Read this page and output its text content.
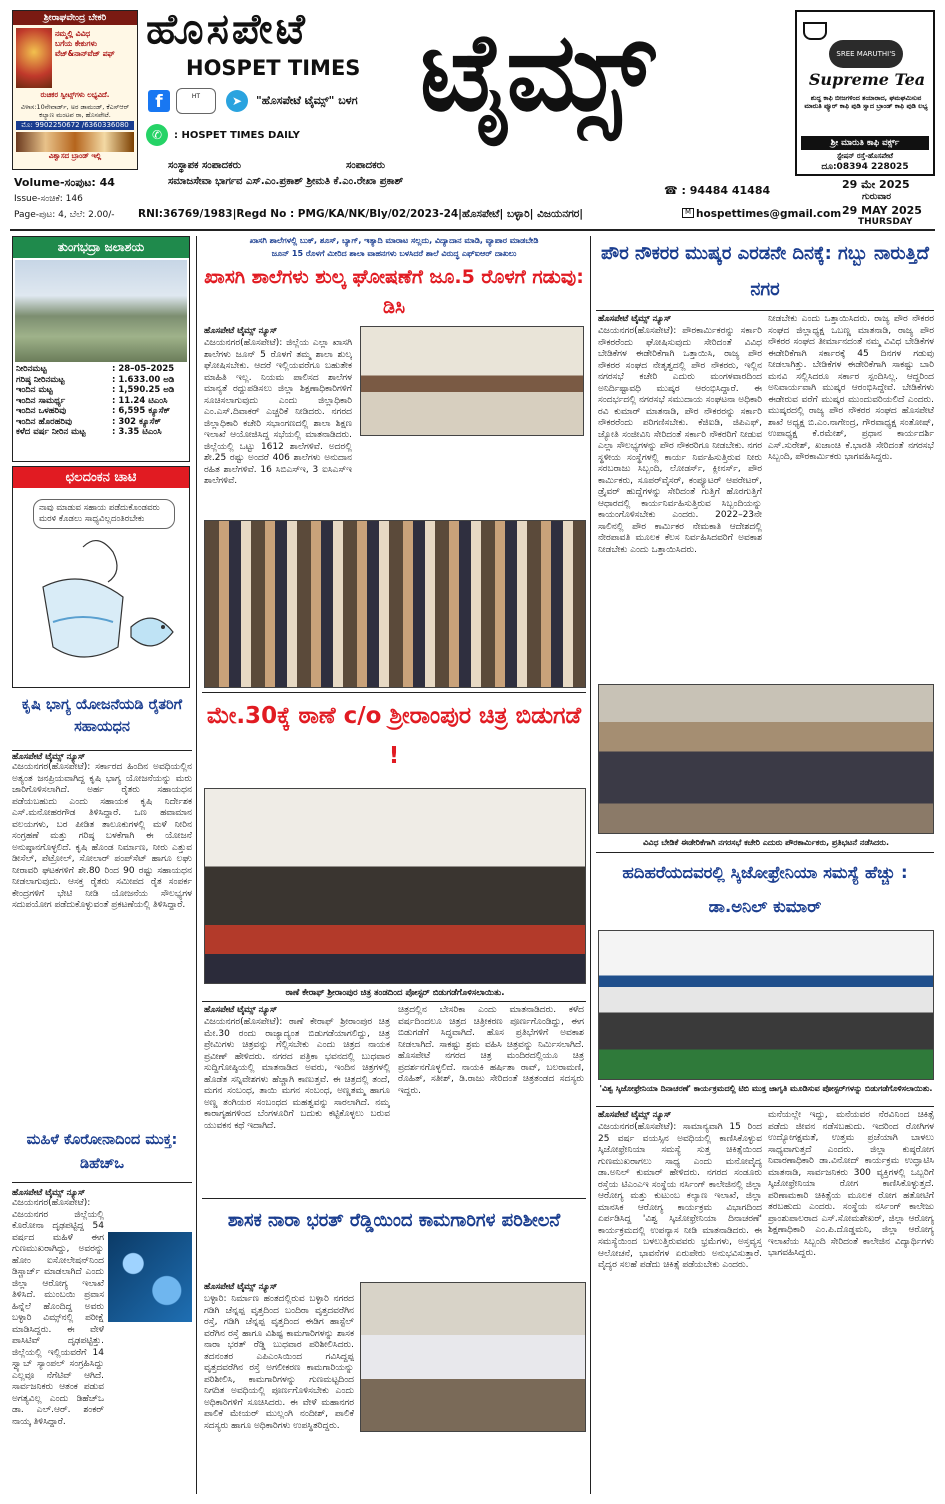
ಶ್ರೀರಾಘವೇಂದ್ರ ಬೇಕರಿ
ನಮ್ಮಲ್ಲಿ ವಿವಿಧ
ಬಗೆಯ ಕೇಕುಗಳು
ವೆಜ್&ನಾನ್‌ವೆಜ್ ಪಫ್
ರುಚಿಕರ ಸ್ವೀಟ್ಸ್‌ಗಳು ಲಭ್ಯವಿದೆ.
ವಿಳಾಸ:10ನೇವಾರ್ಡ್, ಅರ ಡಾಮಂಡ್, ಕೆಎಸ್ಆರ್ ಕಲ್ಯಾಣ ಮಂಟಪ ರಾ, ಹೊಸಪೇಟೆ.
ಮೊ: 9902250672 /6360336080
ವಿಶ್ವಾಸದ ಬ್ರಾಂಡ್ ಇಲ್ಲಿ
ಹೊಸಪೇಟೆ
HOSPET TIMES ಟೈಮ್ಸ್
f	HT	➤	"ಹೊಸಪೇಟೆ ಟೈಮ್ಸ್" ಬಳಗ
✆	: HOSPET TIMES DAILY
ಸಂಸ್ಥಾಪಕ ಸಂಪಾದಕರು	ಸಂಪಾದಕರು
ಸಮಾಜಸೇವಾ ಭಾರ್ಗವ ಎಸ್.ಎಂ.ಪ್ರಕಾಶ್ ಶ್ರೀಮತಿ ಕೆ.ಎಂ.ರೇಖಾ ಪ್ರಕಾಶ್
☎ : 94484 41484
SREE MARUTHI'S
Supreme Tea
ಶುದ್ಧ ಕಾಫಿ ಬೀಜಗಳಿಂದ ತಯಾರಾದ, ಘಮಘಮಿಸುವ ಮಾರುತಿ ಪ್ಯೂರ್ ಕಾಫಿ ಪುಡಿ ಸ್ವಾದ ಬ್ರಾಂಡ್ ಕಾಫಿ ಪುಡಿ ಲಭ್ಯ
ಶ್ರೀ ಮಾರುತಿ ಕಾಫಿ ವರ್ಕ್ಸ್
ಸ್ಟೇಷನ್ ರಸ್ತೆ-ಹೊಸಪೇಟೆ
ದೂ:08394 228025
Volume-ಸಂಪುಟ: 44
Issue-ಸಂಚಿಕೆ: 146
Page-ಪುಟ: 4, ಬೆಲೆ: 2.00/- RNI:36769/1983|Regd No : PMG/KA/NK/Bly/02/2023-24|ಹೊಸಪೇಟೆ| ಬಳ್ಳಾರಿ| ವಿಜಯನಗರ|	M hospettimes@gmail.com
29 ಮೇ 2025
ಗುರುವಾರ
29 MAY 2025
THURSDAY
ತುಂಗಭದ್ರಾ ಜಲಾಶಯ
ನೀರಿನಮಟ್ಟ	: 28–05–2025
ಗರಿಷ್ಠ ನೀರಿನಮಟ್ಟ	: 1.633.00 ಅಡಿ
ಇಂದಿನ ಮಟ್ಟ	: 1,590.25 ಅಡಿ
ಇಂದಿನ ಸಾಮರ್ಥ್ಯ	: 11.24 ಟಿಎಂಸಿ
ಇಂದಿನ ಒಳಹರಿವು	: 6,595 ಕ್ಯೂಸೆಕ್
ಇಂದಿನ ಹೊರಹರಿವು	: 302 ಕ್ಯೂಸೆಕ್
ಕಳೆದ ವರ್ಷ ನೀರಿನ ಮಟ್ಟ	: 3.35 ಟಿಎಂಸಿ
ಛಲದಂಕನ ಚಾಟಿ
ನಾವು ಮಾಡುವ ಸಹಾಯ ಪಡೆದುಕೊಂಡವರು ಮರಳಿ ಕೊಡಲು ಸಾಧ್ಯವಿಲ್ಲದಂತಿರಬೇಕು
ಕೃಷಿ ಭಾಗ್ಯ ಯೋಜನೆಯಡಿ ರೈತರಿಗೆ ಸಹಾಯಧನ
ಹೊಸಪೇಟೆ ಟೈಮ್ಸ್ ನ್ಯೂಸ್
ವಿಜಯನಗರ(ಹೊಸಪೇಟೆ): ಸರ್ಕಾರದ ಹಿಂದಿನ ಅವಧಿಯಲ್ಲಿನ ಅತ್ಯಂತ ಜನಪ್ರಿಯವಾಗಿದ್ದ ಕೃಷಿ ಭಾಗ್ಯ ಯೋಜನೆಯನ್ನು ಮರು ಜಾರಿಗೊಳಿಸಲಾಗಿದೆ. ಅರ್ಹ ರೈತರು ಸಹಾಯಧನ ಪಡೆಯಬಹುದು ಎಂದು ಸಹಾಯಕ ಕೃಷಿ ನಿರ್ದೇಶಕ ಎಸ್.ಮನೋಹರಗೌಡ ತಿಳಿಸಿದ್ದಾರೆ. ಒಣ ಹವಾಮಾನ ವಲಯಗಳು, ಬರ ಪೀಡಿತ ತಾಲೂಕುಗಳಲ್ಲಿ ಮಳೆ ನೀರಿನ ಸಂಗ್ರಹಣೆ ಮತ್ತು ಗರಿಷ್ಠ ಬಳಕೆಗಾಗಿ ಈ ಯೋಜನೆ ಅನುಷ್ಠಾನಗೊಳ್ಳಲಿದೆ. ಕೃಷಿ ಹೊಂಡ ನಿರ್ಮಾಣ, ನೀರು ಎತ್ತುವ ಡೀಸೆಲ್, ಪೆಟ್ರೋಲ್, ಸೋಲಾರ್ ಪಂಪ್‌ಸೆಟ್ ಹಾಗೂ ಲಘು ನೀರಾವರಿ ಘಟಕಗಳಿಗೆ ಶೇ.80 ರಿಂದ 90 ರಷ್ಟು ಸಹಾಯಧನ ನೀಡಲಾಗುವುದು. ಆಸಕ್ತ ರೈತರು ಸಮೀಪದ ರೈತ ಸಂಪರ್ಕ ಕೇಂದ್ರಗಳಿಗೆ ಭೇಟಿ ನೀಡಿ ಯೋಜನೆಯ ಸೌಲಭ್ಯಗಳ ಸದುಪಯೋಗ ಪಡೆದುಕೊಳ್ಳುವಂತೆ ಪ್ರಕಟಣೆಯಲ್ಲಿ ತಿಳಿಸಿದ್ದಾರೆ.
ಮಹಿಳೆ ಕೊರೋನಾದಿಂದ ಮುಕ್ತ: ಡಿಹೆಚ್‌ಒ
ಹೊಸಪೇಟೆ ಟೈಮ್ಸ್ ನ್ಯೂಸ್
ವಿಜಯನಗರ(ಹೊಸಪೇಟೆ): ವಿಜಯನಗರ ಜಿಲ್ಲೆಯಲ್ಲಿ ಕೊರೋನಾ ದೃಢಪಟ್ಟಿದ್ದ 54 ವರ್ಷದ ಮಹಿಳೆ ಈಗ ಗುಣಮುಖರಾಗಿದ್ದು, ಅವರನ್ನು ಹೋಂ ಐಸೋಲೇಷನ್‌ನಿಂದ ಡಿಸ್ಚಾರ್ಜ್ ಮಾಡಲಾಗಿದೆ ಎಂದು ಜಿಲ್ಲಾ ಆರೋಗ್ಯ ಇಲಾಖೆ ತಿಳಿಸಿದೆ. ಮುಂಬಯಿ ಪ್ರವಾಸ ಹಿನ್ನೆಲೆ ಹೊಂದಿದ್ದ ಅವರು ಬಳ್ಳಾರಿ ವಿಮ್ಸ್‌ನಲ್ಲಿ ಪರೀಕ್ಷೆ ಮಾಡಿಸಿದ್ದರು. ಈ ವೇಳೆ ಪಾಸಿಟಿವ್ ದೃಢಪಟ್ಟಿತ್ತು. ಜಿಲ್ಲೆಯಲ್ಲಿ ಇಲ್ಲಿಯವರೆಗೆ 14 ಸ್ವ್ಯಾಬ್ ಸ್ಯಾಂಪಲ್ ಸಂಗ್ರಹಿಸಿದ್ದು ಎಲ್ಲವೂ ನೆಗೆಟಿವ್ ಆಗಿದೆ. ಸಾರ್ವಜನಿಕರು ಆತಂಕ ಪಡುವ ಅಗತ್ಯವಿಲ್ಲ ಎಂದು ಡಿಹೆಚ್‌ಒ ಡಾ. ಎಲ್.ಆರ್. ಶಂಕರ್ ನಾಯ್ಕ ತಿಳಿಸಿದ್ದಾರೆ.
ಖಾಸಗಿ ಶಾಲೆಗಳಲ್ಲಿ ಬುಕ್, ಶೂಸ್, ಬ್ಯಾಗ್, ಇತ್ಯಾದಿ ಮಾರಾಟ ಸಲ್ಲದು, ವಿದ್ಯಾದಾನ ಮಾಡಿ, ವ್ಯಾಪಾರ ಮಾಡಬೇಡಿ
ಜೂನ್ 15 ರೊಳಗೆ ಮೀರಿದ ಶಾಲಾ ವಾಹನಗಳು ಬಳಸಿದರೆ ಶಾಲೆ ವಿರುದ್ಧ ಎಫ್‌ಐಆರ್ ದಾಖಲು
ಖಾಸಗಿ ಶಾಲೆಗಳು ಶುಲ್ಕ ಘೋಷಣೆಗೆ ಜೂ.5 ರೊಳಗೆ ಗಡುವು: ಡಿಸಿ
ಹೊಸಪೇಟೆ ಟೈಮ್ಸ್ ನ್ಯೂಸ್
ವಿಜಯನಗರ(ಹೊಸಪೇಟೆ): ಜಿಲ್ಲೆಯ ಎಲ್ಲಾ ಖಾಸಗಿ ಶಾಲೆಗಳು ಜೂನ್ 5 ರೊಳಗೆ ತಮ್ಮ ಶಾಲಾ ಶುಲ್ಕ ಘೋಷಿಸಬೇಕು. ಆದರೆ ಇಲ್ಲಿಯವರೆಗೂ ಬಹುತೇಕ ಮಾಹಿತಿ ಇಲ್ಲ. ನಿಯಮ ಪಾಲಿಸದ ಶಾಲೆಗಳ ಮಾನ್ಯತೆ ರದ್ದುಪಡಿಸಲು ಜಿಲ್ಲಾ ಶಿಕ್ಷಣಾಧಿಕಾರಿಗಳಿಗೆ ಸೂಚಿಸಲಾಗುವುದು ಎಂದು ಜಿಲ್ಲಾಧಿಕಾರಿ ಎಂ.ಎಸ್.ದಿವಾಕರ್ ಎಚ್ಚರಿಕೆ ನೀಡಿದರು. ನಗರದ ಜಿಲ್ಲಾಧಿಕಾರಿ ಕಚೇರಿ ಸಭಾಂಗಣದಲ್ಲಿ ಶಾಲಾ ಶಿಕ್ಷಣ ಇಲಾಖೆ ಆಯೋಜಿಸಿದ್ದ ಸಭೆಯಲ್ಲಿ ಮಾತನಾಡಿದರು. ಜಿಲ್ಲೆಯಲ್ಲಿ ಒಟ್ಟು 1612 ಶಾಲೆಗಳಿವೆ. ಅದರಲ್ಲಿ ಶೇ.25 ರಷ್ಟು ಅಂದರೆ 406 ಶಾಲೆಗಳು ಅನುದಾನ ರಹಿತ ಶಾಲೆಗಳಿವೆ. 16 ಸಿಬಿಎಸ್‌ಇ, 3 ಐಸಿಎಸ್‌ಇ ಶಾಲೆಗಳಿವೆ.
ಮೇ.30ಕ್ಕೆ ಠಾಣೆ c/o ಶ್ರೀರಾಂಪುರ ಚಿತ್ರ ಬಿಡುಗಡೆ !
ಠಾಣೆ ಕೇರಾಫ್ ಶ್ರೀರಾಂಪುರ ಚಿತ್ರ ತಂಡದಿಂದ ಪೋಸ್ಟರ್ ಬಿಡುಗಡೆಗೊಳಿಸಲಾಯಿತು.
ಹೊಸಪೇಟೆ ಟೈಮ್ಸ್ ನ್ಯೂಸ್
ವಿಜಯನಗರ(ಹೊಸಪೇಟೆ): ಠಾಣೆ ಕೇರಾಫ್ ಶ್ರೀರಾಂಪುರ ಚಿತ್ರ ಮೇ.30 ರಂದು ರಾಜ್ಯಾದ್ಯಂತ ಬಿಡುಗಡೆಯಾಗಲಿದ್ದು, ಚಿತ್ರ ಪ್ರೇಮಿಗಳು ಚಿತ್ರವನ್ನು ಗೆಲ್ಲಿಸಬೇಕು ಎಂದು ಚಿತ್ರದ ನಾಯಕ ಪ್ರವೀಣ್ ಹೇಳಿದರು. ನಗರದ ಪತ್ರಿಕಾ ಭವನದಲ್ಲಿ ಬುಧವಾರ ಸುದ್ದಿಗೋಷ್ಠಿಯಲ್ಲಿ ಮಾತನಾಡಿದ ಅವರು, ಇಂದಿನ ಚಿತ್ರಗಳಲ್ಲಿ ಹೊಡೆತ ಸನ್ನಿವೇಶಗಳು ಹೆಚ್ಚಾಗಿ ಕಾಣುತ್ತವೆ. ಈ ಚಿತ್ರದಲ್ಲಿ ತಂದೆ, ಮಗನ ಸಂಬಂಧ, ತಾಯಿ ಮಗನ ಸಂಬಂಧ, ಅಣ್ಣತಮ್ಮ ಹಾಗೂ ಅಣ್ಣ ತಂಗಿಯರ ಸಂಬಂಧದ ಮಹತ್ವವನ್ನು ಸಾರಲಾಗಿದೆ. ನಮ್ಮ ಕಾರಾಗೃಹಗಳಿಂದ ಬೆಂಗಳೂರಿಗೆ ಬದುಕು ಕಟ್ಟಿಕೊಳ್ಳಲು ಬರುವ ಯುವಕನ ಕಥೆ ಇದಾಗಿದೆ.
ಚಿತ್ರದಲ್ಲಿನ ಬೇಸರಿಕಾ ಎಂದು ಮಾತನಾಡಿದರು. ಕಳೆದ ವರ್ಷದಿಂದಲೂ ಚಿತ್ರದ ಚಿತ್ರೀಕರಣ ಪೂರ್ಣಗೊಂಡಿದ್ದು, ಈಗ ಬಿಡುಗಡೆಗೆ ಸಿದ್ಧವಾಗಿದೆ. ಹೊಸ ಪ್ರತಿಭೆಗಳಿಗೆ ಅವಕಾಶ ನೀಡಲಾಗಿದೆ. ಸಾಕಷ್ಟು ಶ್ರಮ ವಹಿಸಿ ಚಿತ್ರವನ್ನು ನಿರ್ಮಿಸಲಾಗಿದೆ. ಹೊಸಪೇಟೆ ನಗರದ ಚಿತ್ರ ಮಂದಿರದಲ್ಲಿಯೂ ಚಿತ್ರ ಪ್ರದರ್ಶನಗೊಳ್ಳಲಿದೆ. ನಾಯಕಿ ಹರ್ಷಿತಾ ರಾವ್, ಬಲರಾಮಣಿ, ರೊಹಿತ್, ಸತೀಶ್, ಡಿ.ರಾಜು ಸೇರಿದಂತೆ ಚಿತ್ರತಂಡದ ಸದಸ್ಯರು ಇದ್ದರು.
ಶಾಸಕ ನಾರಾ ಭರತ್ ರೆಡ್ಡಿಯಿಂದ ಕಾಮಗಾರಿಗಳ ಪರಿಶೀಲನೆ
ಹೊಸಪೇಟೆ ಟೈಮ್ಸ್ ನ್ಯೂಸ್
ಬಳ್ಳಾರಿ: ನಿರ್ಮಾಣ ಹಂತದಲ್ಲಿರುವ ಬಳ್ಳಾರಿ ನಗರದ ಗಡಿಗಿ ಚೆನ್ನಪ್ಪ ವೃತ್ತದಿಂದ ಬಂದಿರಾ ವೃತ್ತದವರೆಗಿನ ರಸ್ತೆ, ಗಡಿಗಿ ಚೆನ್ನಪ್ಪ ವೃತ್ತದಿಂದ ಈಡಿಗ ಹಾಸ್ಟೆಲ್ ವರೆಗಿನ ರಸ್ತೆ ಹಾಗೂ ವಿಶಿಷ್ಟ ಕಾಮಗಾರಿಗಳನ್ನು ಶಾಸಕ ನಾರಾ ಭರತ್ ರೆಡ್ಡಿ ಬುಧವಾರ ಪರಿಶೀಲಿಸಿದರು. ತದನಂತರ ಎಪಿಎಂಸಿಯಿಂದ ಗವಿಸಿದ್ದಪ್ಪ ವೃತ್ತದವರೆಗಿನ ರಸ್ತೆ ಅಗಲೀಕರಣ ಕಾಮಗಾರಿಯನ್ನು ಪರಿಶೀಲಿಸಿ, ಕಾಮಗಾರಿಗಳನ್ನು ಗುಣಮಟ್ಟದಿಂದ ನಿಗದಿತ ಅವಧಿಯಲ್ಲಿ ಪೂರ್ಣಗೊಳಿಸಬೇಕು ಎಂದು ಅಧಿಕಾರಿಗಳಿಗೆ ಸೂಚಿಸಿದರು. ಈ ವೇಳೆ ಮಹಾನಗರ ಪಾಲಿಕೆ ಮೇಯರ್ ಮುಲ್ಲಂಗಿ ನಂದೀಶ್, ಪಾಲಿಕೆ ಸದಸ್ಯರು ಹಾಗೂ ಅಧಿಕಾರಿಗಳು ಉಪಸ್ಥಿತರಿದ್ದರು.
ಪೌರ ನೌಕರರ ಮುಷ್ಕರ ಎರಡನೇ ದಿನಕ್ಕೆ: ಗಬ್ಬು ನಾರುತ್ತಿದೆ ನಗರ
ಹೊಸಪೇಟೆ ಟೈಮ್ಸ್ ನ್ಯೂಸ್
ವಿಜಯನಗರ(ಹೊಸಪೇಟೆ): ಪೌರಕಾರ್ಮಿಕರನ್ನು ಸರ್ಕಾರಿ ನೌಕರರೆಂದು ಘೋಷಿಸುವುದು ಸೇರಿದಂತೆ ವಿವಿಧ ಬೇಡಿಕೆಗಳ ಈಡೇರಿಕೆಗಾಗಿ ಒತ್ತಾಯಿಸಿ, ರಾಜ್ಯ ಪೌರ ನೌಕರರ ಸಂಘದ ನೇತೃತ್ವದಲ್ಲಿ ಪೌರ ನೌಕರರು, ಇಲ್ಲಿನ ನಗರಸಭೆ ಕಚೇರಿ ಎದುರು ಮಂಗಳವಾರದಿಂದ ಅನಿರ್ದಿಷ್ಟಾವಧಿ ಮುಷ್ಕರ ಆರಂಭಿಸಿದ್ದಾರೆ. ಈ ಸಂದರ್ಭದಲ್ಲಿ ನಗರಸಭೆ ಸಮುದಾಯ ಸಂಘಟನಾ ಅಧಿಕಾರಿ ರವಿ ಕುಮಾರ್ ಮಾತನಾಡಿ, ಪೌರ ನೌಕರರನ್ನು ಸರ್ಕಾರಿ ನೌಕರರೆಂದು ಪರಿಗಣಿಸಬೇಕು. ಕೆಜಿಐಡಿ, ಜಿಪಿಎಫ್, ಜ್ಯೋತಿ ಸಂಜೀವಿನಿ ಸೇರಿದಂತೆ ಸರ್ಕಾರಿ ನೌಕರರಿಗೆ ನೀಡುವ ಎಲ್ಲಾ ಸೌಲಭ್ಯಗಳನ್ನು ಪೌರ ನೌಕರರಿಗೂ ನೀಡಬೇಕು. ನಗರ ಸ್ಥಳೀಯ ಸಂಸ್ಥೆಗಳಲ್ಲಿ ಕಾರ್ಯ ನಿರ್ವಹಿಸುತ್ತಿರುವ ನೀರು ಸರಬರಾಜು ಸಿಬ್ಬಂದಿ, ಲೋಡರ್ಸ್, ಕ್ಲೀನರ್ಸ್, ಪೌರ ಕಾರ್ಮಿಕರು, ಸೂಪರ್‌ವೈಸರ್, ಕಂಪ್ಯೂಟರ್ ಆಪರೇಟರ್, ಡ್ರೈವರ್ ಹುದ್ದೆಗಳನ್ನು ಸೇರಿದಂತೆ ಗುತ್ತಿಗೆ ಹೊರಗುತ್ತಿಗೆ ಆಧಾರದಲ್ಲಿ ಕಾರ್ಯನಿರ್ವಹಿಸುತ್ತಿರುವ ಸಿಬ್ಬಂದಿಯನ್ನು ಕಾಯಂಗೊಳಿಸಬೇಕು ಎಂದರು. 2022–23ನೇ ಸಾಲಿನಲ್ಲಿ ಪೌರ ಕಾರ್ಮಿಕರ ನೇಮಕಾತಿ ಆದೇಶದಲ್ಲಿ ನೇರಪಾವತಿ ಮೂಲಕ ಕೆಲಸ ನಿರ್ವಹಿಸಿದವರಿಗೆ ಅವಕಾಶ ನೀಡಬೇಕು ಎಂದು ಒತ್ತಾಯಿಸಿದರು.
ನೀಡಬೇಕು ಎಂದು ಒತ್ತಾಯಿಸಿದರು. ರಾಜ್ಯ ಪೌರ ನೌಕರರ ಸಂಘದ ಜಿಲ್ಲಾಧ್ಯಕ್ಷ ಒಬಣ್ಣ ಮಾತನಾಡಿ, ರಾಜ್ಯ ಪೌರ ನೌಕರರ ಸಂಘದ ತೀರ್ಮಾನದಂತೆ ನಮ್ಮ ವಿವಿಧ ಬೇಡಿಕೆಗಳ ಈಡೇರಿಕೆಗಾಗಿ ಸರ್ಕಾರಕ್ಕೆ 45 ದಿನಗಳ ಗಡುವು ನೀಡಲಾಗಿತ್ತು. ಬೇಡಿಕೆಗಳ ಈಡೇರಿಕೆಗಾಗಿ ಸಾಕಷ್ಟು ಬಾರಿ ಮನವಿ ಸಲ್ಲಿಸಿದರೂ ಸರ್ಕಾರ ಸ್ಪಂದಿಸಿಲ್ಲ. ಆದ್ದರಿಂದ ಅನಿವಾರ್ಯವಾಗಿ ಮುಷ್ಕರ ಆರಂಭಿಸಿದ್ದೇವೆ. ಬೇಡಿಕೆಗಳು ಈಡೇರುವ ವರೆಗೆ ಮುಷ್ಕರ ಮುಂದುವರಿಯಲಿದೆ ಎಂದರು. ಮುಷ್ಕರದಲ್ಲಿ ರಾಜ್ಯ ಪೌರ ನೌಕರರ ಸಂಘದ ಹೊಸಪೇಟೆ ಶಾಖೆ ಅಧ್ಯಕ್ಷ ಬಿ.ಎಂ.ನಾಗೇಂದ್ರ, ಗೌರವಾಧ್ಯಕ್ಷ ಸಂತೋಷ್, ಉಪಾಧ್ಯಕ್ಷ ಕೆ.ರಮೇಶ್, ಪ್ರಧಾನ ಕಾರ್ಯದರ್ಶಿ ಎಸ್.ಸುರೇಶ್, ಖಜಾಂಚಿ ಕೆ.ಭಾರತಿ ಸೇರಿದಂತೆ ನಗರಸಭೆ ಸಿಬ್ಬಂದಿ, ಪೌರಕಾರ್ಮಿಕರು ಭಾಗವಹಿಸಿದ್ದರು.
ವಿವಿಧ ಬೇಡಿಕೆ ಈಡೇರಿಕೆಗಾಗಿ ನಗರಸಭೆ ಕಚೇರಿ ಎದುರು ಪೌರಕಾರ್ಮಿಕರು, ಪ್ರತಿಭಟನೆ ನಡೆಸಿದರು.
ಹದಿಹರೆಯದವರಲ್ಲಿ ಸ್ಕಿಜೋಫ್ರೇನಿಯಾ ಸಮಸ್ಯೆ ಹೆಚ್ಚು : ಡಾ.ಅನಿಲ್ ಕುಮಾರ್
'ವಿಶ್ವ ಸ್ಕಿಜೋಫ್ರೇನಿಯಾ ದಿನಾಚರಣೆ' ಕಾರ್ಯಕ್ರಮದಲ್ಲಿ ಟಿಬಿ ಮುಕ್ತ ಜಾಗೃತಿ ಮೂಡಿಸುವ ಪೋಸ್ಟರ್‌ಗಳನ್ನು ಬಿಡುಗಡೆಗೊಳಿಸಲಾಯಿತು.
ಹೊಸಪೇಟೆ ಟೈಮ್ಸ್ ನ್ಯೂಸ್
ವಿಜಯನಗರ(ಹೊಸಪೇಟೆ): ಸಾಮಾನ್ಯವಾಗಿ 15 ರಿಂದ 25 ವರ್ಷ ವಯಸ್ಸಿನ ಅವಧಿಯಲ್ಲಿ ಕಾಣಿಸಿಕೊಳ್ಳುವ ಸ್ಕಿಜೋಫ್ರೇನಿಯಾ ಸಮಸ್ಯೆ ಸುತ್ತ ಚಿಕಿತ್ಸೆಯಿಂದ ಗುಣಮುಖರಾಗಲು ಸಾಧ್ಯ ಎಂದು ಮನೋವೈದ್ಯ ಡಾ.ಅನಿಲ್ ಕುಮಾರ್ ಹೇಳಿದರು. ನಗರದ ಸಂಡೂರು ರಸ್ತೆಯ ಟಿಎಂಎಇ ಸಂಸ್ಥೆಯ ನರ್ಸಿಂಗ್ ಕಾಲೇಜಿನಲ್ಲಿ ಜಿಲ್ಲಾ ಆರೋಗ್ಯ ಮತ್ತು ಕುಟುಂಬ ಕಲ್ಯಾಣ ಇಲಾಖೆ, ಜಿಲ್ಲಾ ಮಾನಸಿಕ ಆರೋಗ್ಯ ಕಾರ್ಯಕ್ರಮ ವಿಭಾಗದಿಂದ ಏರ್ಪಡಿಸಿದ್ದ 'ವಿಶ್ವ ಸ್ಕಿಜೋಫ್ರೇನಿಯಾ ದಿನಾಚರಣೆ' ಕಾರ್ಯಕ್ರಮದಲ್ಲಿ ಉಪನ್ಯಾಸ ನೀಡಿ ಮಾತನಾಡಿದರು. ಈ ಸಮಸ್ಯೆಯಿಂದ ಬಳಲುತ್ತಿರುವವರು ಭ್ರಮೆಗಳು, ಅಸ್ತವ್ಯಸ್ತ ಆಲೋಚನೆ, ಭಾವನೆಗಳ ಏರುಪೇರು ಅನುಭವಿಸುತ್ತಾರೆ. ವೈದ್ಯರ ಸಲಹೆ ಪಡೆದು ಚಿಕಿತ್ಸೆ ಪಡೆಯಬೇಕು ಎಂದರು.
ಮನೆಯಲ್ಲೇ ಇದ್ದು, ಮನೆಯವರ ನೆರವಿನಿಂದ ಚಿಕಿತ್ಸೆ ಪಡೆದು ಜೀವನ ನಡೆಸಬಹುದು. ಇದರಿಂದ ರೋಗಿಗಳ ಉದ್ಯೋಗಕ್ಷಮತೆ, ಉತ್ತಮ ಪ್ರಜೆಯಾಗಿ ಬಾಳಲು ಸಾಧ್ಯವಾಗುತ್ತದೆ ಎಂದರು. ಜಿಲ್ಲಾ ಕುಷ್ಠರೋಗ ನಿವಾರಣಾಧಿಕಾರಿ ಡಾ.ವಿನೋದ್ ಕಾರ್ಯಕ್ರಮ ಉದ್ಘಾಟಿಸಿ ಮಾತನಾಡಿ, ಸಾರ್ವಜನಿಕರು 300 ವ್ಯಕ್ತಿಗಳಲ್ಲಿ ಒಬ್ಬರಿಗೆ ಸ್ಕಿಜೋಫ್ರೇನಿಯಾ ರೋಗ ಕಾಣಿಸಿಕೊಳ್ಳುತ್ತದೆ. ಪರಿಣಾಮಕಾರಿ ಚಿಕಿತ್ಸೆಯ ಮೂಲಕ ರೋಗ ಹತೋಟಿಗೆ ತರಬಹುದು ಎಂದರು. ಸಂಸ್ಥೆಯ ನರ್ಸಿಂಗ್ ಕಾಲೇಜು ಪ್ರಾಂಶುಪಾಲರಾದ ಎಸ್.ಸೋಮಶೇಖರ್, ಜಿಲ್ಲಾ ಆರೋಗ್ಯ ಶಿಕ್ಷಣಾಧಿಕಾರಿ ಎಂ.ಪಿ.ದೊಡ್ಡಮನಿ, ಜಿಲ್ಲಾ ಆರೋಗ್ಯ ಇಲಾಖೆಯ ಸಿಬ್ಬಂದಿ ಸೇರಿದಂತೆ ಕಾಲೇಜಿನ ವಿದ್ಯಾರ್ಥಿಗಳು ಭಾಗವಹಿಸಿದ್ದರು.
